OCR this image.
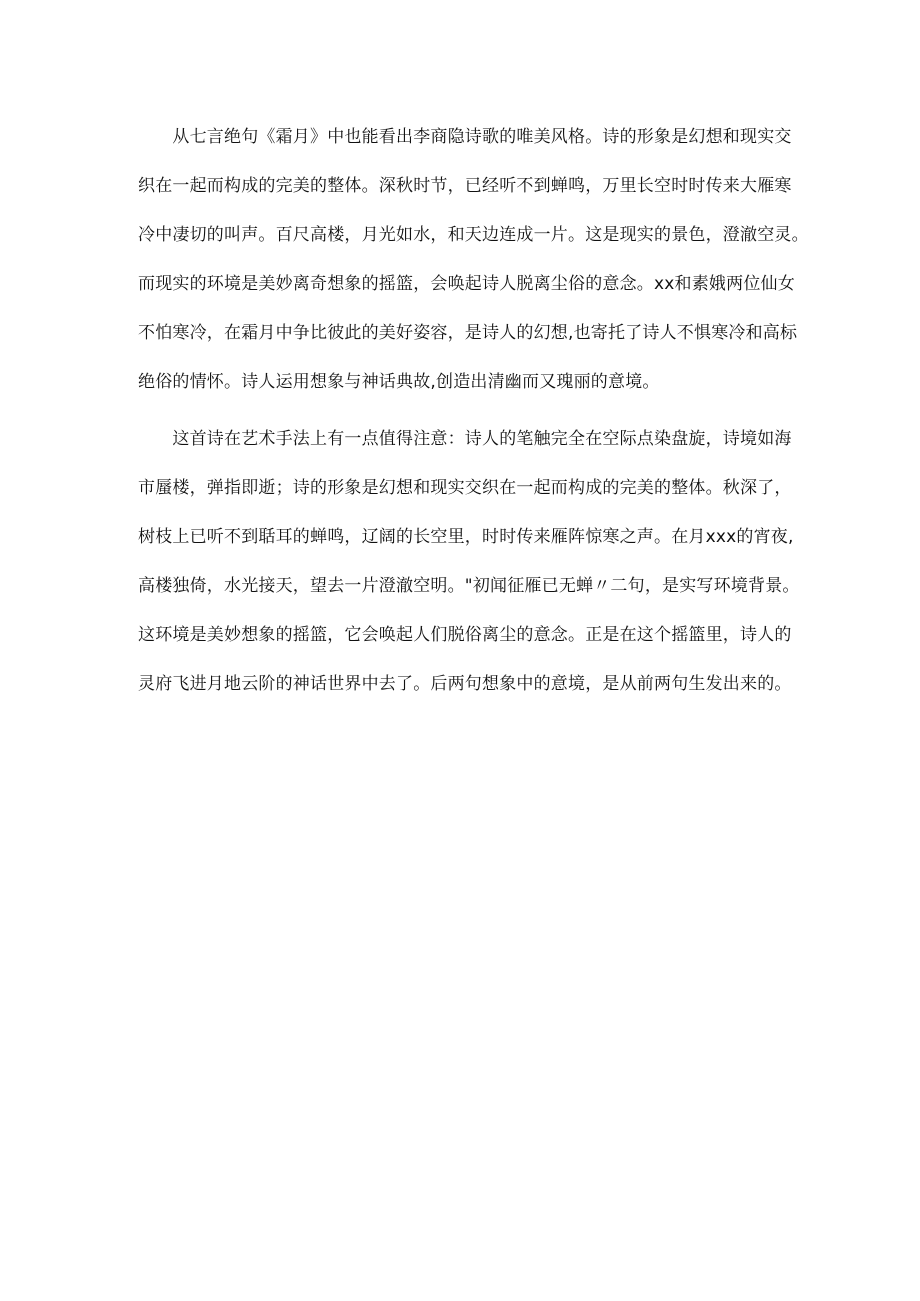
　　从七言绝句《霜月》中也能看出李商隐诗歌的唯美风格。诗的形象是幻想和现实交
织在一起而构成的完美的整体。深秋时节，已经听不到蝉鸣，万里长空时时传来大雁寒
冷中凄切的叫声。百尺高楼，月光如水，和天边连成一片。这是现实的景色，澄澈空灵。
而现实的环境是美妙离奇想象的摇篮，会唤起诗人脱离尘俗的意念。xx和素娥两位仙女
不怕寒冷，在霜月中争比彼此的美好姿容，是诗人的幻想,也寄托了诗人不惧寒冷和高标
绝俗的情怀。诗人运用想象与神话典故,创造出清幽而又瑰丽的意境。
　　这首诗在艺术手法上有一点值得注意：诗人的笔触完全在空际点染盘旋，诗境如海
市蜃楼，弹指即逝；诗的形象是幻想和现实交织在一起而构成的完美的整体。秋深了，
树枝上已听不到聒耳的蝉鸣，辽阔的长空里，时时传来雁阵惊寒之声。在月xxx的宵夜,
高楼独倚，水光接天，望去一片澄澈空明。"初闻征雁已无蝉〃二句，是实写环境背景。
这环境是美妙想象的摇篮，它会唤起人们脱俗离尘的意念。正是在这个摇篮里，诗人的
灵府飞进月地云阶的神话世界中去了。后两句想象中的意境，是从前两句生发出来的。
